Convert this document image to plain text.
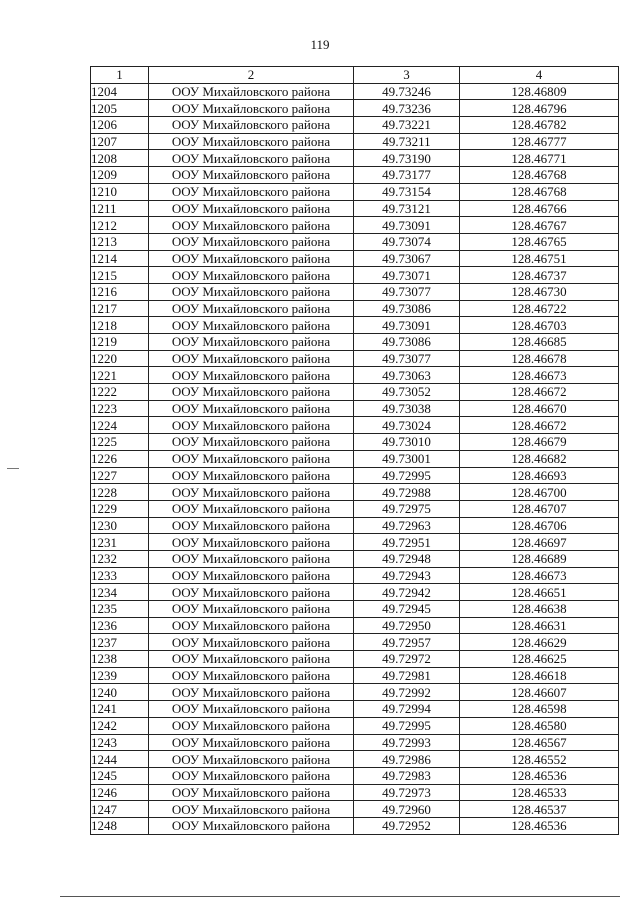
119
1	2	3	4
1204	ООУ Михайловского района	49.73246	128.46809
1205	ООУ Михайловского района	49.73236	128.46796
1206	ООУ Михайловского района	49.73221	128.46782
1207	ООУ Михайловского района	49.73211	128.46777
1208	ООУ Михайловского района	49.73190	128.46771
1209	ООУ Михайловского района	49.73177	128.46768
1210	ООУ Михайловского района	49.73154	128.46768
1211	ООУ Михайловского района	49.73121	128.46766
1212	ООУ Михайловского района	49.73091	128.46767
1213	ООУ Михайловского района	49.73074	128.46765
1214	ООУ Михайловского района	49.73067	128.46751
1215	ООУ Михайловского района	49.73071	128.46737
1216	ООУ Михайловского района	49.73077	128.46730
1217	ООУ Михайловского района	49.73086	128.46722
1218	ООУ Михайловского района	49.73091	128.46703
1219	ООУ Михайловского района	49.73086	128.46685
1220	ООУ Михайловского района	49.73077	128.46678
1221	ООУ Михайловского района	49.73063	128.46673
1222	ООУ Михайловского района	49.73052	128.46672
1223	ООУ Михайловского района	49.73038	128.46670
1224	ООУ Михайловского района	49.73024	128.46672
1225	ООУ Михайловского района	49.73010	128.46679
1226	ООУ Михайловского района	49.73001	128.46682
1227	ООУ Михайловского района	49.72995	128.46693
1228	ООУ Михайловского района	49.72988	128.46700
1229	ООУ Михайловского района	49.72975	128.46707
1230	ООУ Михайловского района	49.72963	128.46706
1231	ООУ Михайловского района	49.72951	128.46697
1232	ООУ Михайловского района	49.72948	128.46689
1233	ООУ Михайловского района	49.72943	128.46673
1234	ООУ Михайловского района	49.72942	128.46651
1235	ООУ Михайловского района	49.72945	128.46638
1236	ООУ Михайловского района	49.72950	128.46631
1237	ООУ Михайловского района	49.72957	128.46629
1238	ООУ Михайловского района	49.72972	128.46625
1239	ООУ Михайловского района	49.72981	128.46618
1240	ООУ Михайловского района	49.72992	128.46607
1241	ООУ Михайловского района	49.72994	128.46598
1242	ООУ Михайловского района	49.72995	128.46580
1243	ООУ Михайловского района	49.72993	128.46567
1244	ООУ Михайловского района	49.72986	128.46552
1245	ООУ Михайловского района	49.72983	128.46536
1246	ООУ Михайловского района	49.72973	128.46533
1247	ООУ Михайловского района	49.72960	128.46537
1248	ООУ Михайловского района	49.72952	128.46536
